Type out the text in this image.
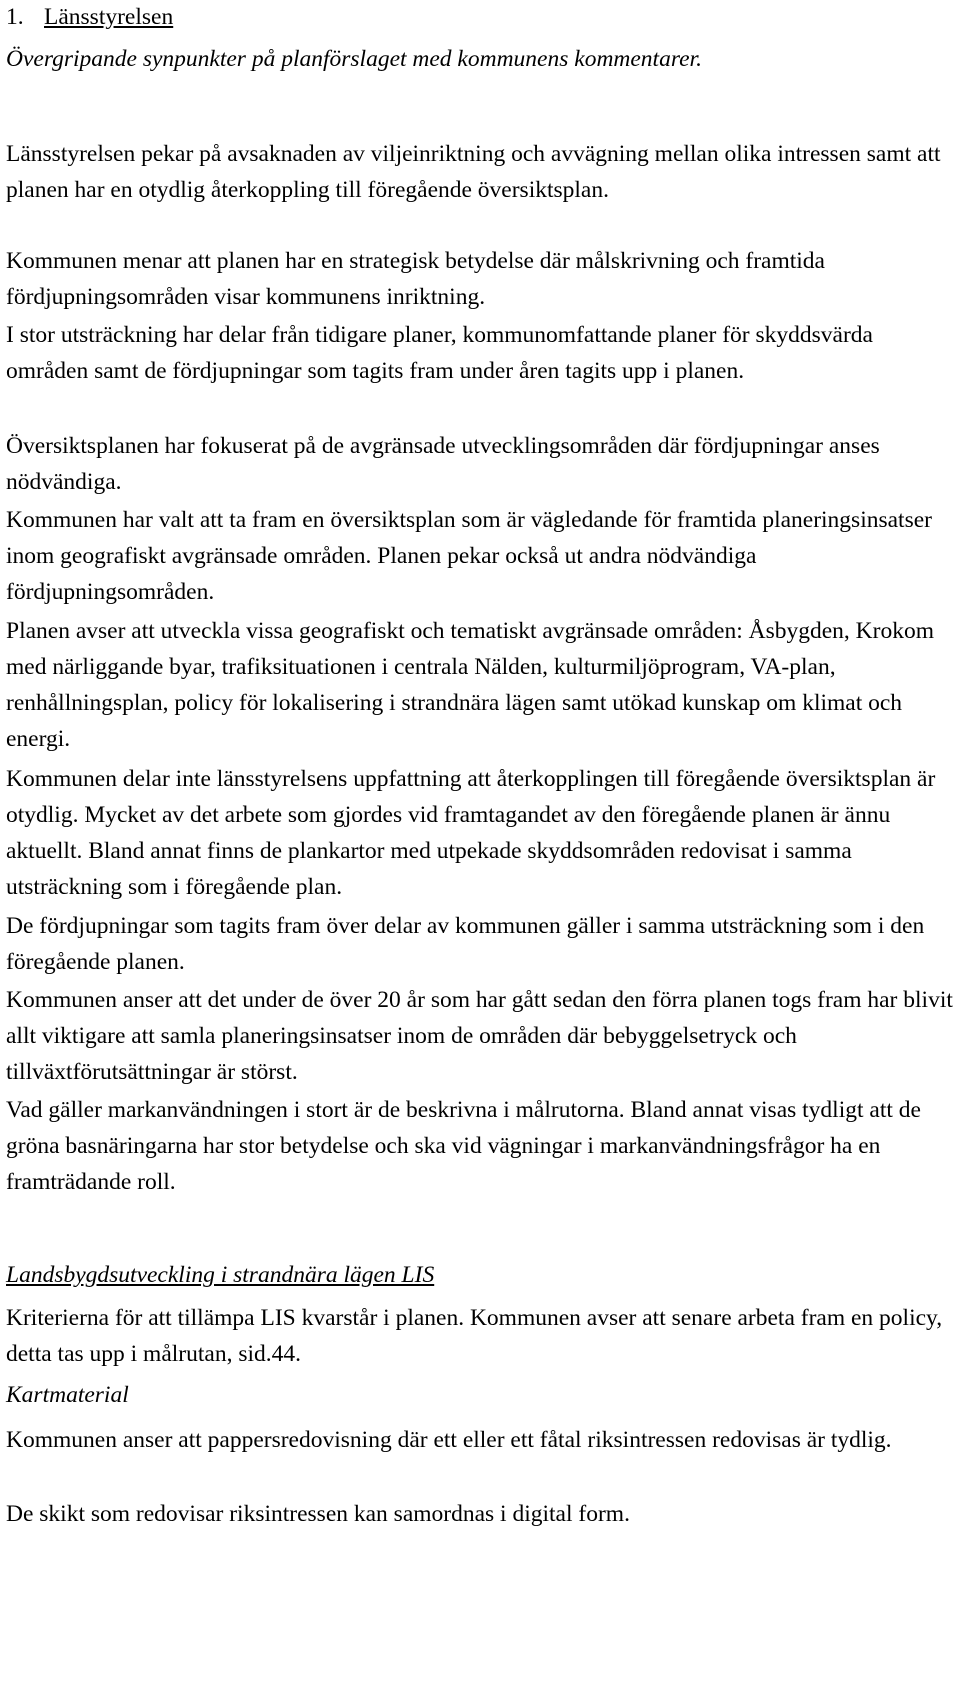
1. Länsstyrelsen
Övergripande synpunkter på planförslaget med kommunens kommentarer.

Länsstyrelsen pekar på avsaknaden av viljeinriktning och avvägning mellan olika intressen samt att planen har en otydlig återkoppling till föregående översiktsplan.

Kommunen menar att planen har en strategisk betydelse där målskrivning och framtida fördjupningsområden visar kommunens inriktning.

I stor utsträckning har delar från tidigare planer, kommunomfattande planer för skyddsvärda områden samt de fördjupningar som tagits fram under åren tagits upp i planen.

Översiktsplanen har fokuserat på de avgränsade utvecklingsområden där fördjupningar anses nödvändiga.

Kommunen har valt att ta fram en översiktsplan som är vägledande för framtida planeringsinsatser inom geografiskt avgränsade områden. Planen pekar också ut andra nödvändiga fördjupningsområden.

Planen avser att utveckla vissa geografiskt och tematiskt avgränsade områden: Åsbygden, Krokom med närliggande byar, trafiksituationen i centrala Nälden, kulturmiljöprogram, VA-plan, renhållningsplan, policy för lokalisering i strandnära lägen samt utökad kunskap om klimat och energi.

Kommunen delar inte länsstyrelsens uppfattning att återkopplingen till föregående översiktsplan är otydlig. Mycket av det arbete som gjordes vid framtagandet av den föregående planen är ännu aktuellt. Bland annat finns de plankartor med utpekade skyddsområden redovisat i samma utsträckning som i föregående plan.

De fördjupningar som tagits fram över delar av kommunen gäller i samma utsträckning som i den föregående planen.

Kommunen anser att det under de över 20 år som har gått sedan den förra planen togs fram har blivit allt viktigare att samla planeringsinsatser inom de områden där bebyggelsetryck och tillväxtförutsättningar är störst.

Vad gäller markanvändningen i stort är de beskrivna i målrutorna. Bland annat visas tydligt att de gröna basnäringarna har stor betydelse och ska vid vägningar i markanvändningsfrågor ha en framträdande roll.

Landsbygdsutveckling i strandnära lägen LIS

Kriterierna för att tillämpa LIS kvarstår i planen. Kommunen avser att senare arbeta fram en policy, detta tas upp i målrutan, sid.44.

Kartmaterial

Kommunen anser att pappersredovisning där ett eller ett fåtal riksintressen redovisas är tydlig.

De skikt som redovisar riksintressen kan samordnas i digital form.
